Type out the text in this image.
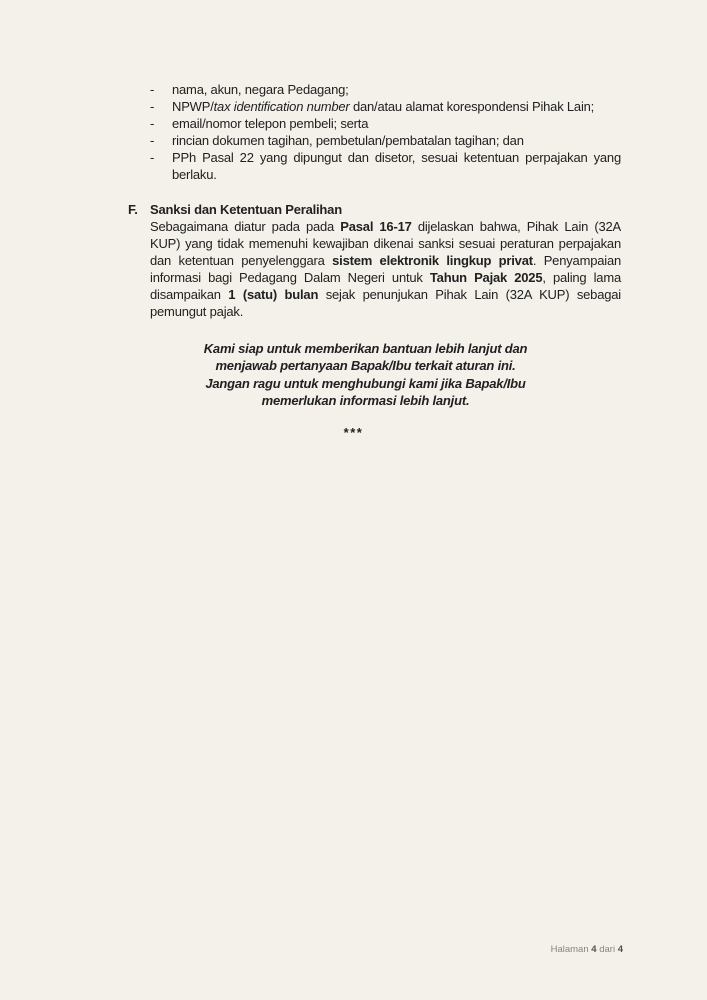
-	nama, akun, negara Pedagang;
-	NPWP/tax identification number dan/atau alamat korespondensi Pihak Lain;
-	email/nomor telepon pembeli; serta
-	rincian dokumen tagihan, pembetulan/pembatalan tagihan; dan
-	PPh Pasal 22 yang dipungut dan disetor, sesuai ketentuan perpajakan yang berlaku.
F. Sanksi dan Ketentuan Peralihan

Sebagaimana diatur pada pada Pasal 16-17 dijelaskan bahwa, Pihak Lain (32A KUP) yang tidak memenuhi kewajiban dikenai sanksi sesuai peraturan perpajakan dan ketentuan penyelenggara sistem elektronik lingkup privat. Penyampaian informasi bagi Pedagang Dalam Negeri untuk Tahun Pajak 2025, paling lama disampaikan 1 (satu) bulan sejak penunjukan Pihak Lain (32A KUP) sebagai pemungut pajak.

Kami siap untuk memberikan bantuan lebih lanjut dan
menjawab pertanyaan Bapak/Ibu terkait aturan ini.
Jangan ragu untuk menghubungi kami jika Bapak/Ibu
memerlukan informasi lebih lanjut.
***
Halaman 4 dari 4
